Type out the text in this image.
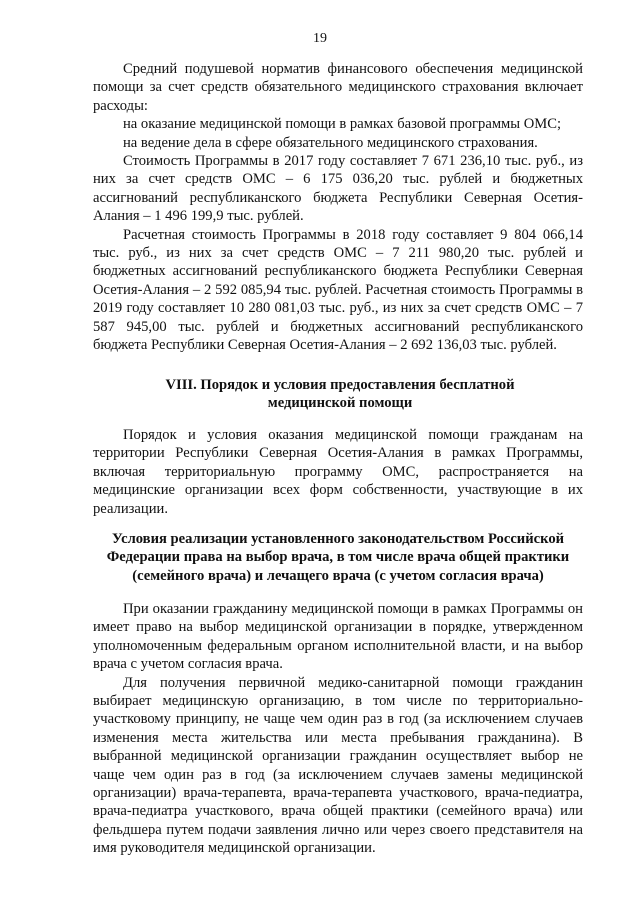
19

Средний подушевой норматив финансового обеспечения медицинской помощи за счет средств обязательного медицинского страхования включает расходы:

на оказание медицинской помощи в рамках базовой программы ОМС;

на ведение дела в сфере обязательного медицинского страхования.

Стоимость Программы в 2017 году составляет 7 671 236,10 тыс. руб., из них за счет средств ОМС – 6 175 036,20 тыс. рублей и бюджетных ассигнований республиканского бюджета Республики Северная Осетия-Алания – 1 496 199,9 тыс. рублей.

Расчетная стоимость Программы в 2018 году составляет 9 804 066,14 тыс. руб., из них за счет средств ОМС – 7 211 980,20 тыс. рублей и бюджетных ассигнований республиканского бюджета Республики Северная Осетия-Алания – 2 592 085,94 тыс. рублей. Расчетная стоимость Программы в 2019 году составляет 10 280 081,03 тыс. руб., из них за счет средств ОМС – 7 587 945,00 тыс. рублей и бюджетных ассигнований республиканского бюджета Республики Северная Осетия-Алания – 2 692 136,03 тыс. рублей.

VIII. Порядок и условия предоставления бесплатной
медицинской помощи

Порядок и условия оказания медицинской помощи гражданам на территории Республики Северная Осетия-Алания в рамках Программы, включая территориальную программу ОМС, распространяется на медицинские организации всех форм собственности, участвующие в их реализации.

Условия реализации установленного законодательством Российской
Федерации права на выбор врача, в том числе врача общей практики
(семейного врача) и лечащего врача (с учетом согласия врача)

При оказании гражданину медицинской помощи в рамках Программы он имеет право на выбор медицинской организации в порядке, утвержденном уполномоченным федеральным органом исполнительной власти, и на выбор врача с учетом согласия врача.

Для получения первичной медико-санитарной помощи гражданин выбирает медицинскую организацию, в том числе по территориально-участковому принципу, не чаще чем один раз в год (за исключением случаев изменения места жительства или места пребывания гражданина). В выбранной медицинской организации гражданин осуществляет выбор не чаще чем один раз в год (за исключением случаев замены медицинской организации) врача-терапевта, врача-терапевта участкового, врача-педиатра, врача-педиатра участкового, врача общей практики (семейного врача) или фельдшера путем подачи заявления лично или через своего представителя на имя руководителя медицинской организации.
